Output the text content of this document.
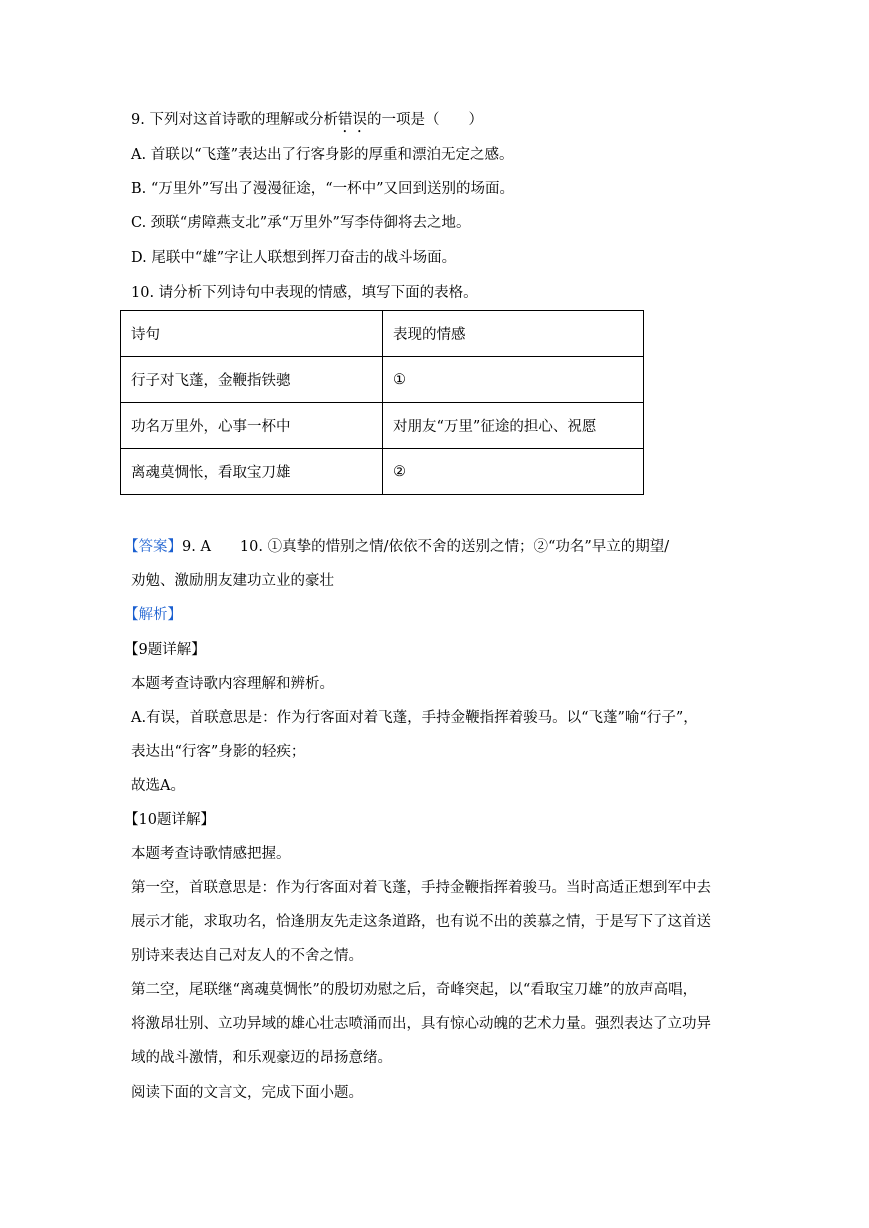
9. 下列对这首诗歌的理解或分析错误的一项是（　　）
A. 首联以“飞蓬”表达出了行客身影的厚重和漂泊无定之感。
B. “万里外”写出了漫漫征途，“一杯中”又回到送别的场面。
C. 颈联“虏障燕支北”承“万里外”写李侍御将去之地。
D. 尾联中“雄”字让人联想到挥刀奋击的战斗场面。
10. 请分析下列诗句中表现的情感，填写下面的表格。
诗句	表现的情感
行子对飞蓬，金鞭指铁骢	①
功名万里外，心事一杯中	对朋友“万里”征途的担心、祝愿
离魂莫惆怅，看取宝刀雄	②
【答案】9. A　　10. ①真挚的惜别之情/依依不舍的送别之情；②“功名”早立的期望/
劝勉、激励朋友建功立业的豪壮
【解析】
【9题详解】
本题考查诗歌内容理解和辨析。
A.有误，首联意思是：作为行客面对着飞蓬，手持金鞭指挥着骏马。以“飞蓬”喻“行子”，
表达出“行客”身影的轻疾；
故选A。
【10题详解】
本题考查诗歌情感把握。
第一空，首联意思是：作为行客面对着飞蓬，手持金鞭指挥着骏马。当时高适正想到军中去
展示才能，求取功名，恰逢朋友先走这条道路，也有说不出的羡慕之情，于是写下了这首送
别诗来表达自己对友人的不舍之情。
第二空，尾联继“离魂莫惆怅”的殷切劝慰之后，奇峰突起，以“看取宝刀雄”的放声高唱，
将激昂壮别、立功异域的雄心壮志喷涌而出，具有惊心动魄的艺术力量。强烈表达了立功异
域的战斗激情，和乐观豪迈的昂扬意绪。
阅读下面的文言文，完成下面小题。
